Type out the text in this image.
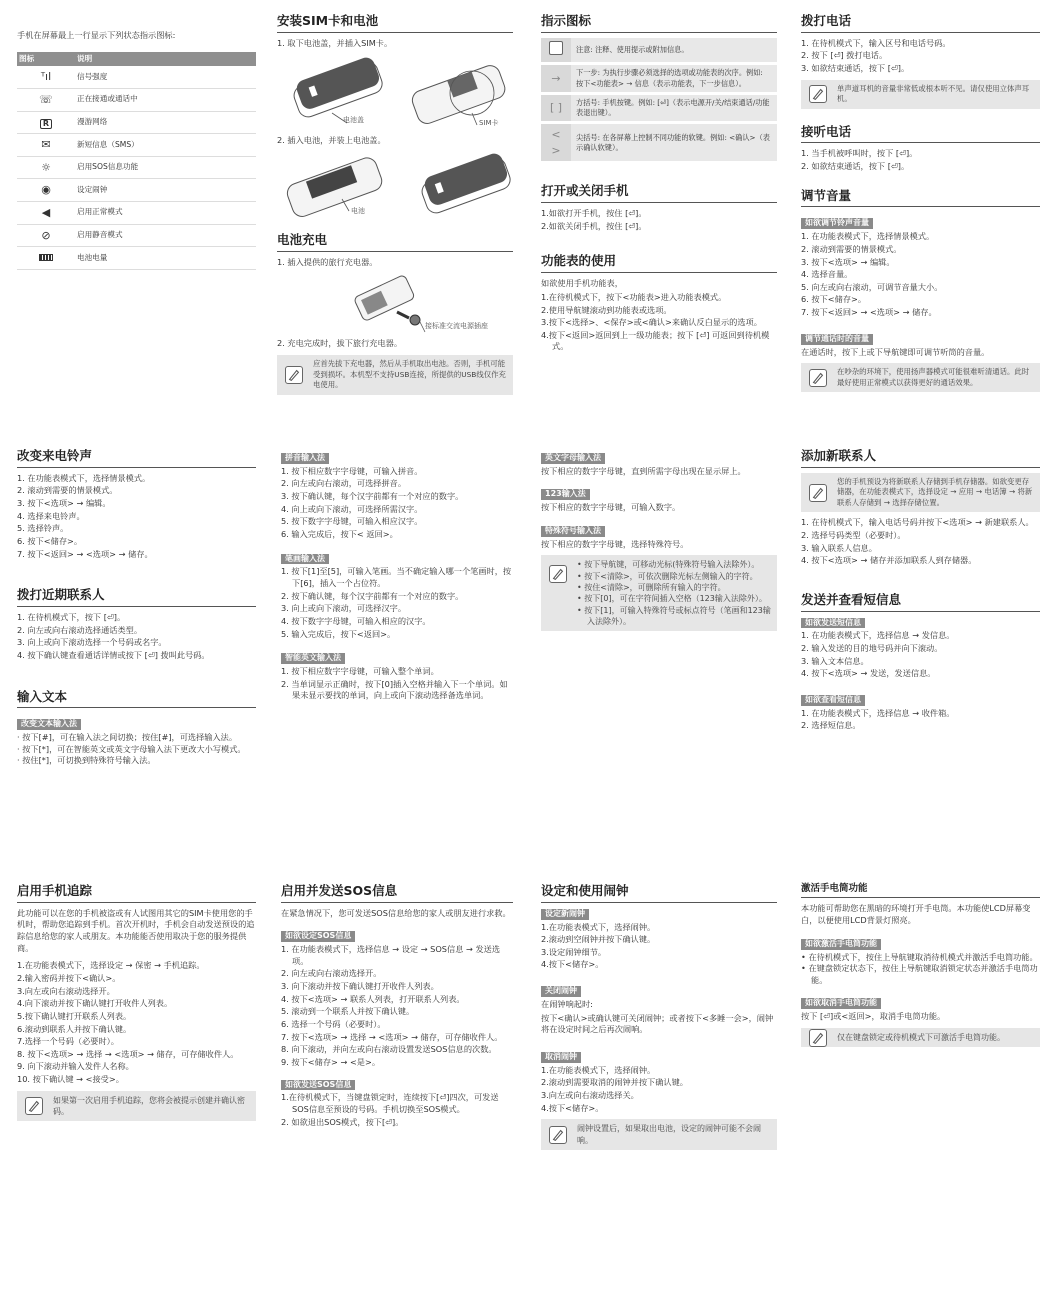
手机在屏幕最上一行显示下列状态指示图标:

图标	说明
ᵀıl	信号强度
☏	正在接通或通话中
R	漫游网络
✉	新短信息（SMS）
☼	启用SOS信息功能
◉	设定闹钟
◀	启用正常模式
⊘	启用静音模式
	电池电量
安装SIM卡和电池

1. 取下电池盖，并插入SIM卡。

电池盖	SIM卡

2. 插入电池，并装上电池盖。

电池
电池充电

1. 插入提供的旅行充电器。

接标准交流电源插座

2. 充电完成时，拔下旅行充电器。

应首先拔下充电器，然后从手机取出电池。否则，手机可能受到损坏。本机型不支持USB连接，所提供的USB线仅作充电使用。
指示图标
	注意: 注释、使用提示或附加信息。
→	下一步: 为执行步骤必须选择的选项或功能表的次序。例如: 按下<功能表> → 信息（表示功能表，下一步信息）。
[ ]	方括号: 手机按键。例如: [⏎]（表示电源开/关/结束通话/功能表退出键）。
< >	尖括号: 在各屏幕上控制不同功能的软键。例如: <确认>（表示确认软键）。
打开或关闭手机
1.如欲打开手机，按住 [⏎]。
2.如欲关闭手机，按住 [⏎]。
功能表的使用

如欲使用手机功能表，

1.在待机模式下，按下<功能表>进入功能表模式。
2.使用导航键滚动到功能表或选项。
3.按下<选择>、<保存>或<确认>来确认反白显示的选项。
4.按下<返回>返回到上一级功能表；按下 [⏎] 可返回到待机模式。
拨打电话
1. 在待机模式下，输入区号和电话号码。
2. 按下 [⏎] 拨打电话。
3. 如欲结束通话，按下 [⏎]。
单声道耳机的音量非常低或根本听不见。请仅使用立体声耳机。
接听电话
1. 当手机被呼叫时，按下 [⏎]。
2. 如欲结束通话，按下 [⏎]。
调节音量
如欲调节铃声音量
1. 在功能表模式下，选择情景模式。
2. 滚动到需要的情景模式。
3. 按下<选项> → 编辑。
4. 选择音量。
5. 向左或向右滚动，可调节音量大小。
6. 按下<储存>。
7. 按下<返回> → <选项> → 储存。
调节通话时的音量

在通话时，按下上或下导航键即可调节听筒的音量。

在吵杂的环境下，使用扬声器模式可能很难听清通话。此时最好使用正常模式以获得更好的通话效果。
改变来电铃声
1. 在功能表模式下，选择情景模式。
2. 滚动到需要的情景模式。
3. 按下<选项> → 编辑。
4. 选择来电铃声。
5. 选择铃声。
6. 按下<储存>。
7. 按下<返回> → <选项> → 储存。
拨打近期联系人
1. 在待机模式下，按下 [⏎]。
2. 向左或向右滚动选择通话类型。
3. 向上或向下滚动选择一个号码或名字。
4. 按下确认键查看通话详情或按下 [⏎] 拨叫此号码。
输入文本
改变文本输入法
· 按下[#]，可在输入法之间切换；按住[#]，可选择输入法。
· 按下[*]，可在智能英文或英文字母输入法下更改大小写模式。
· 按住[*]，可切换到特殊符号输入法。
拼音输入法
1. 按下相应数字字母键，可输入拼音。
2. 向左或向右滚动，可选择拼音。
3. 按下确认键，每个汉字前都有一个对应的数字。
4. 向上或向下滚动，可选择所需汉字。
5. 按下数字字母键，可输入相应汉字。
6. 输入完成后，按下< 返回>。
笔画输入法
1. 按下[1]至[5]，可输入笔画。当不确定输入哪一个笔画时，按下[6]，插入一个占位符。
2. 按下确认键，每个汉字前都有一个对应的数字。
3. 向上或向下滚动，可选择汉字。
4. 按下数字字母键，可输入相应的汉字。
5. 输入完成后，按下<返回>。
智能英文输入法
1. 按下相应数字字母键，可输入整个单词。
2. 当单词显示正确时，按下[0]插入空格并输入下一个单词。如果未显示要找的单词，向上或向下滚动选择备选单词。
英文字母输入法

按下相应的数字字母键，直到所需字母出现在显示屏上。

123输入法

按下相应的数字字母键，可输入数字。

特殊符号输入法

按下相应的数字字母键，选择特殊符号。

• 按下导航键，可移动光标(特殊符号输入法除外）。
• 按下<清除>，可依次删除光标左侧输入的字符。
• 按住<清除>，可删除所有输入的字符。
• 按下[0]，可在字符间插入空格（123输入法除外）。
• 按下[1]，可输入特殊符号或标点符号（笔画和123输入法除外）。
添加新联系人
您的手机预设为将新联系人存储到手机存储器。如欲变更存储器，在功能表模式下，选择设定 → 应用 → 电话簿 → 将新联系人存储到 → 选择存储位置。
1. 在待机模式下，输入电话号码并按下<选项> → 新建联系人。
2. 选择号码类型（必要时）。
3. 输入联系人信息。
4. 按下<选项> → 储存并添加联系人到存储器。
发送并查看短信息
如欲发送短信息
1. 在功能表模式下，选择信息 → 发信息。
2. 输入发送的目的地号码并向下滚动。
3. 输入文本信息。
4. 按下<选项> → 发送，发送信息。
如欲查看短信息
1. 在功能表模式下，选择信息 → 收件箱。
2. 选择短信息。
启用手机追踪

此功能可以在您的手机被盗或有人试图用其它的SIM卡使用您的手机时，帮助您追踪到手机。首次开机时，手机会自动发送预设的追踪信息给您的家人或朋友。本功能能否使用取决于您的服务提供商。

1.在功能表模式下，选择设定 → 保密 → 手机追踪。
2.输入密码并按下<确认>。
3.向左或向右滚动选择开。
4.向下滚动并按下确认键打开收件人列表。
5.按下确认键打开联系人列表。
6.滚动到联系人并按下确认键。
7.选择一个号码（必要时）。
8. 按下<选项> → 选择 → <选项> → 储存，可存储收件人。
9. 向下滚动并输入发件人名称。
10. 按下确认键 → <接受>。
如果第一次启用手机追踪，您将会被提示创建并确认密码。
启用并发送SOS信息

在紧急情况下，您可发送SOS信息给您的家人或朋友进行求救。

如欲设定SOS信息
1. 在功能表模式下，选择信息 → 设定 → SOS信息 → 发送选项。
2. 向左或向右滚动选择开。
3. 向下滚动并按下确认键打开收件人列表。
4. 按下<选项> → 联系人列表，打开联系人列表。
5. 滚动到一个联系人并按下确认键。
6. 选择一个号码（必要时）。
7. 按下<选项> → 选择 → <选项> → 储存，可存储收件人。
8. 向下滚动，并向左或向右滚动设置发送SOS信息的次数。
9. 按下<储存> → <是>。
如欲发送SOS信息
1.在待机模式下，当键盘锁定时，连续按下[⏎]四次，可发送SOS信息至预设的号码。手机切换至SOS模式。
2. 如欲退出SOS模式，按下[⏎]。
设定和使用闹钟
设定新闹钟
1.在功能表模式下，选择闹钟。
2.滚动到空闹钟并按下确认键。
3.设定闹钟细节。
4.按下<储存>。
关闭闹钟

在闹钟响起时:

按下<确认>或确认键可关闭闹钟；或者按下<多睡一会>，闹钟将在设定时间之后再次闹响。

取消闹钟
1.在功能表模式下，选择闹钟。
2.滚动到需要取消的闹钟并按下确认键。
3.向左或向右滚动选择关。
4.按下<储存>。
闹钟设置后，如果取出电池，设定的闹钟可能不会闹响。
激活手电筒功能

本功能可帮助您在黑暗的环境打开手电筒。本功能使LCD屏幕变白，以便使用LCD背景灯照亮。

如欲激活手电筒功能
• 在待机模式下，按住上导航键取消待机模式并激活手电筒功能。
• 在键盘锁定状态下，按住上导航键取消锁定状态并激活手电筒功能。
如欲取消手电筒功能

按下 [⏎]或<返回>，取消手电筒功能。

仅在键盘锁定或待机模式下可激活手电筒功能。
